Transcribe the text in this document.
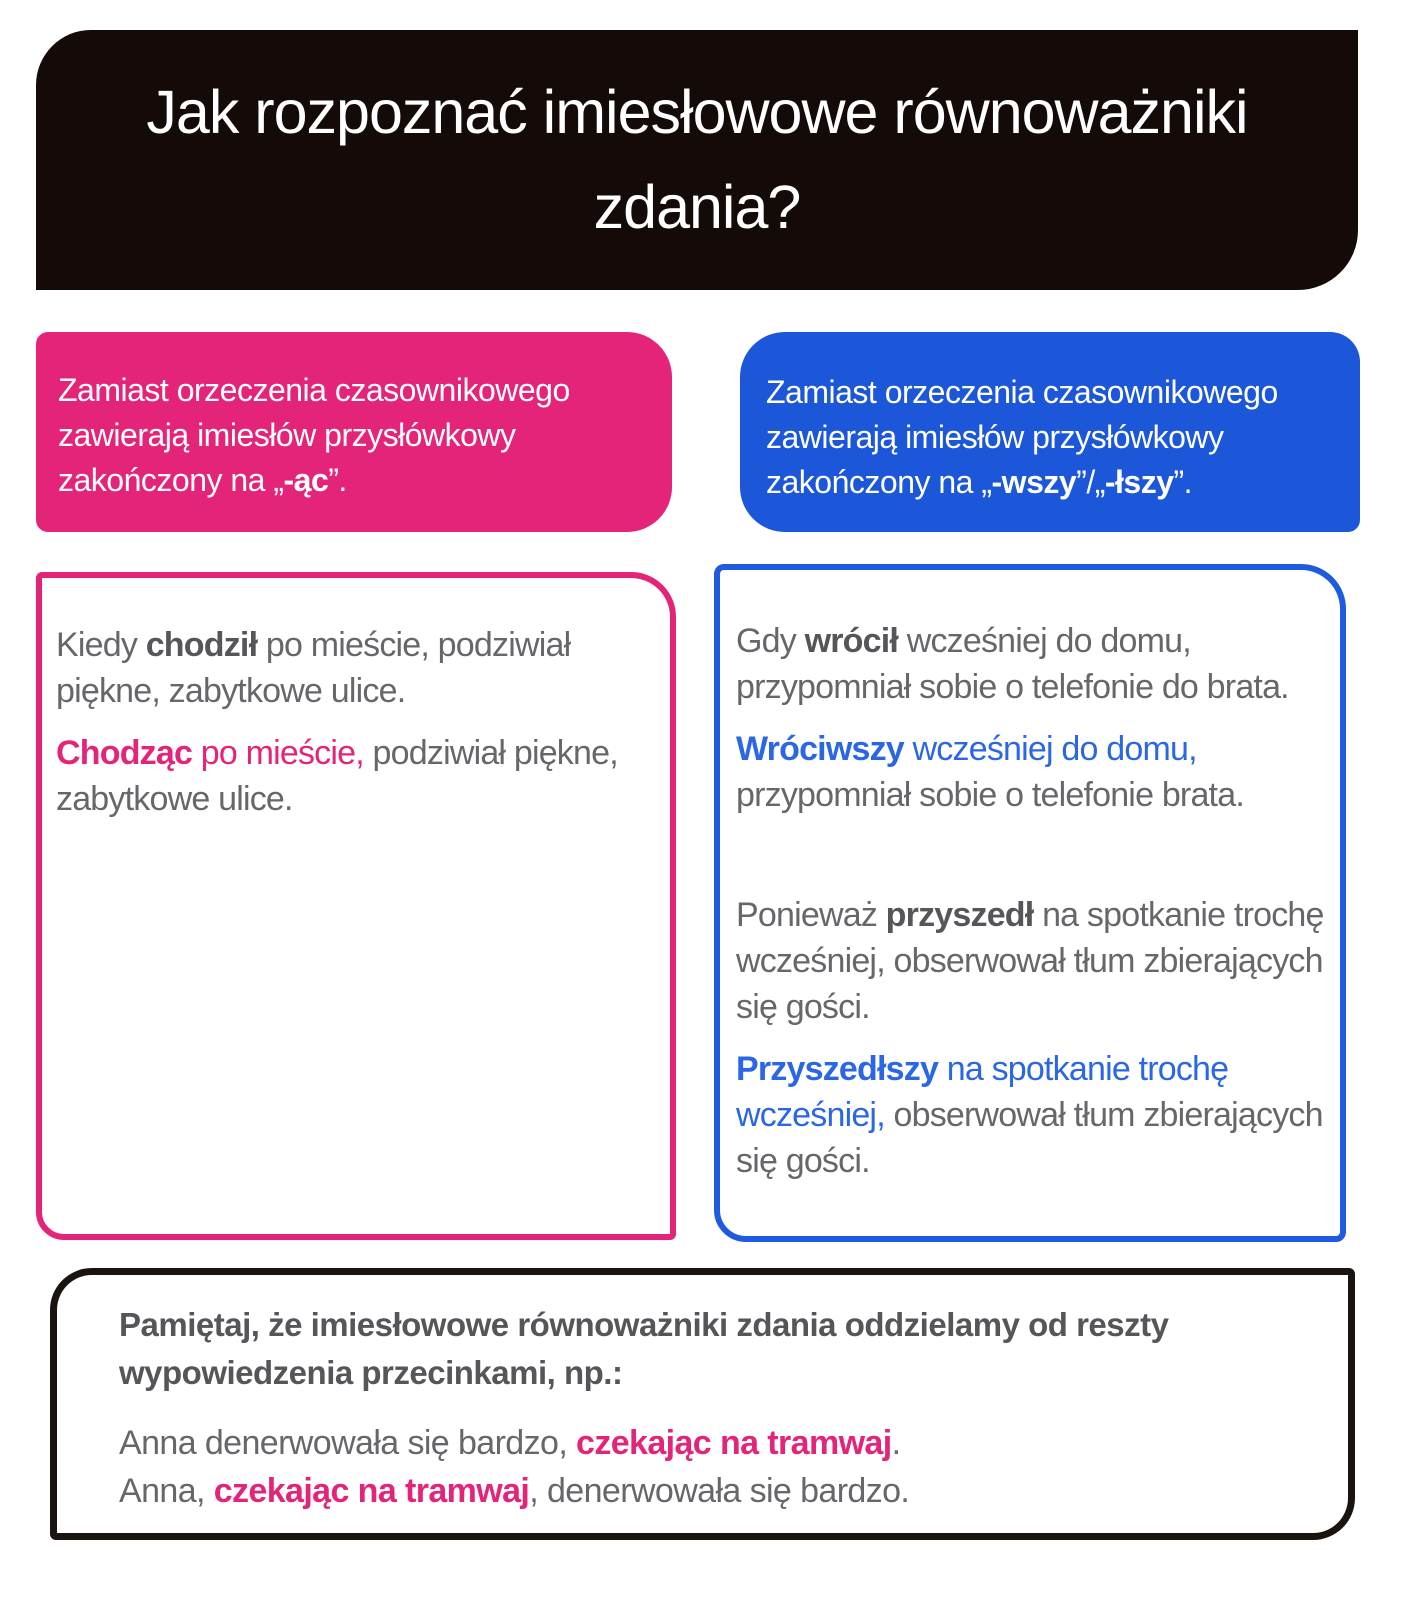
Jak rozpoznać imiesłowowe równoważniki zdania?

Zamiast orzeczenia czasownikowego zawierają imiesłów przysłówkowy zakończony na „-ąc”.

Zamiast orzeczenia czasownikowego zawierają imiesłów przysłówkowy zakończony na „-wszy”/„-łszy”.

Kiedy chodził po mieście, podziwiał piękne, zabytkowe ulice.

Chodząc po mieście, podziwiał piękne, zabytkowe ulice.

Gdy wrócił wcześniej do domu, przypomniał sobie o telefonie do brata.

Wróciwszy wcześniej do domu, przypomniał sobie o telefonie brata.

Ponieważ przyszedł na spotkanie trochę wcześniej, obserwował tłum zbierających się gości.

Przyszedłszy na spotkanie trochę wcześniej, obserwował tłum zbierających się gości.

Pamiętaj, że imiesłowowe równoważniki zdania oddzielamy od reszty wypowiedzenia przecinkami, np.:

Anna denerwowała się bardzo, czekając na tramwaj.

Anna, czekając na tramwaj, denerwowała się bardzo.
